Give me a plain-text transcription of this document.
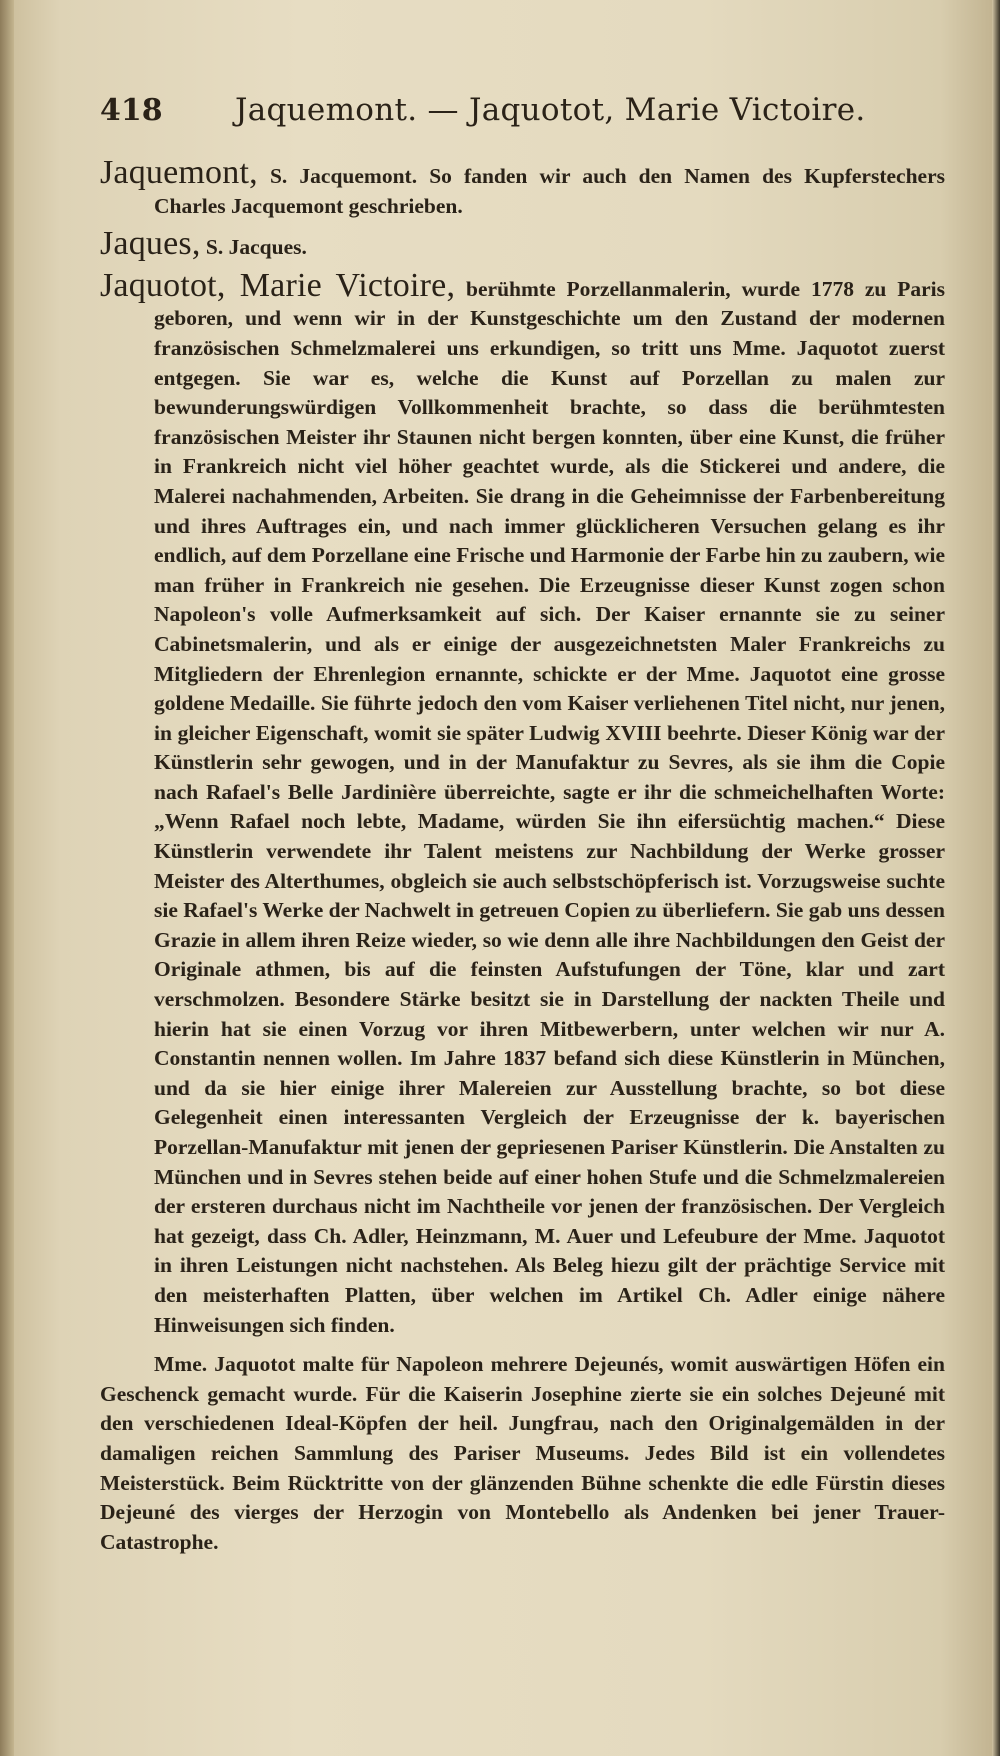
418	Jaquemont. — Jaquotot, Marie Victoire.

Jaquemont, S. Jacquemont. So fanden wir auch den Namen des Kupferstechers Charles Jacquemont geschrieben.

Jaques, S. Jacques.

Jaquotot, Marie Victoire, berühmte Porzellanmalerin, wurde 1778 zu Paris geboren, und wenn wir in der Kunstgeschichte um den Zustand der modernen französischen Schmelzmalerei uns erkundigen, so tritt uns Mme. Jaquotot zuerst entgegen. Sie war es, welche die Kunst auf Porzellan zu malen zur bewunderungswürdigen Vollkommenheit brachte, so dass die berühmtesten französischen Meister ihr Staunen nicht bergen konnten, über eine Kunst, die früher in Frankreich nicht viel höher geachtet wurde, als die Stickerei und andere, die Malerei nachahmenden, Arbeiten. Sie drang in die Geheimnisse der Farbenbereitung und ihres Auftrages ein, und nach immer glücklicheren Versuchen gelang es ihr endlich, auf dem Porzellane eine Frische und Harmonie der Farbe hin zu zaubern, wie man früher in Frankreich nie gesehen. Die Erzeugnisse dieser Kunst zogen schon Napoleon's volle Aufmerksamkeit auf sich. Der Kaiser ernannte sie zu seiner Cabinetsmalerin, und als er einige der ausgezeichnetsten Maler Frankreichs zu Mitgliedern der Ehrenlegion ernannte, schickte er der Mme. Jaquotot eine grosse goldene Medaille. Sie führte jedoch den vom Kaiser verliehenen Titel nicht, nur jenen, in gleicher Eigenschaft, womit sie später Ludwig XVIII beehrte. Dieser König war der Künstlerin sehr gewogen, und in der Manufaktur zu Sevres, als sie ihm die Copie nach Rafael's Belle Jardinière überreichte, sagte er ihr die schmeichelhaften Worte: „Wenn Rafael noch lebte, Madame, würden Sie ihn eifersüchtig machen.“ Diese Künstlerin verwendete ihr Talent meistens zur Nachbildung der Werke grosser Meister des Alterthumes, obgleich sie auch selbstschöpferisch ist. Vorzugsweise suchte sie Rafael's Werke der Nachwelt in getreuen Copien zu überliefern. Sie gab uns dessen Grazie in allem ihren Reize wieder, so wie denn alle ihre Nachbildungen den Geist der Originale athmen, bis auf die feinsten Aufstufungen der Töne, klar und zart verschmolzen. Besondere Stärke besitzt sie in Darstellung der nackten Theile und hierin hat sie einen Vorzug vor ihren Mitbewerbern, unter welchen wir nur A. Constantin nennen wollen. Im Jahre 1837 befand sich diese Künstlerin in München, und da sie hier einige ihrer Malereien zur Ausstellung brachte, so bot diese Gelegenheit einen interessanten Vergleich der Erzeugnisse der k. bayerischen Porzellan-Manufaktur mit jenen der gepriesenen Pariser Künstlerin. Die Anstalten zu München und in Sevres stehen beide auf einer hohen Stufe und die Schmelzmalereien der ersteren durchaus nicht im Nachtheile vor jenen der französischen. Der Vergleich hat gezeigt, dass Ch. Adler, Heinzmann, M. Auer und Lefeubure der Mme. Jaquotot in ihren Leistungen nicht nachstehen. Als Beleg hiezu gilt der prächtige Service mit den meisterhaften Platten, über welchen im Artikel Ch. Adler einige nähere Hinweisungen sich finden.

Mme. Jaquotot malte für Napoleon mehrere Dejeunés, womit auswärtigen Höfen ein Geschenck gemacht wurde. Für die Kaiserin Josephine zierte sie ein solches Dejeuné mit den verschiedenen Ideal-Köpfen der heil. Jungfrau, nach den Originalgemälden in der damaligen reichen Sammlung des Pariser Museums. Jedes Bild ist ein vollendetes Meisterstück. Beim Rücktritte von der glänzenden Bühne schenkte die edle Fürstin dieses Dejeuné des vierges der Herzogin von Montebello als Andenken bei jener Trauer-Catastrophe.
